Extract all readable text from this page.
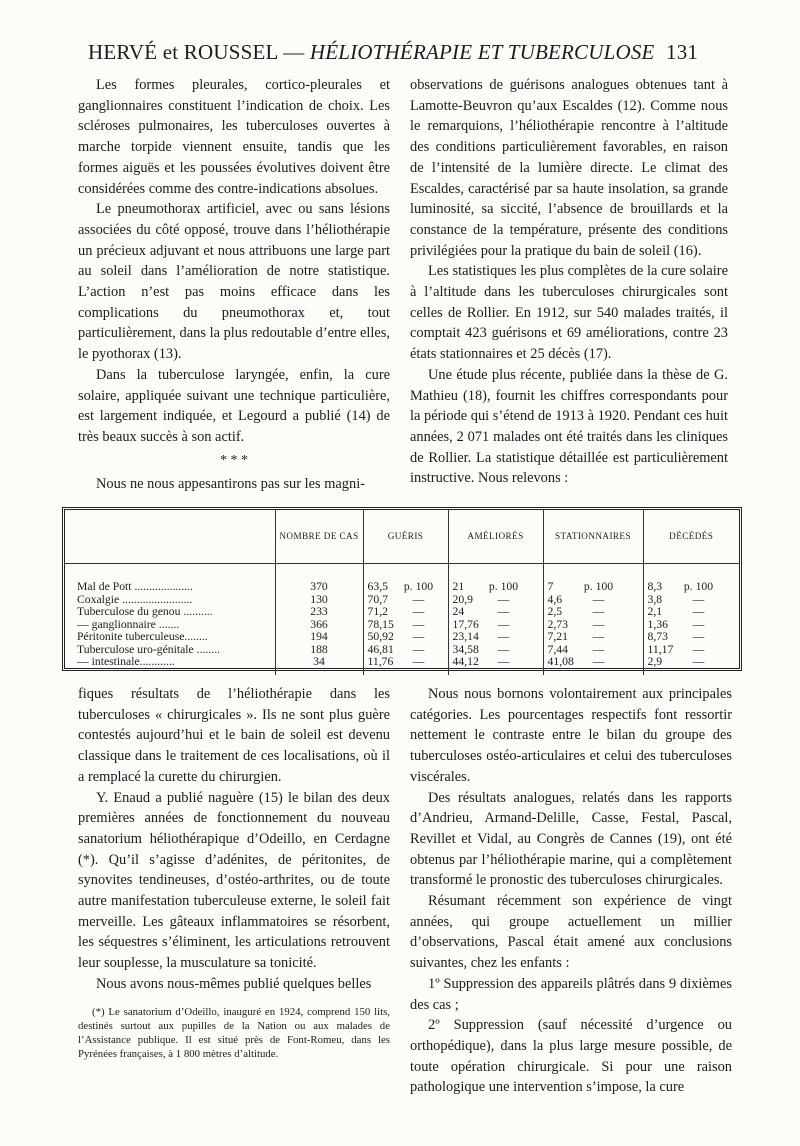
HERVÉ et ROUSSEL — HÉLIOTHÉRAPIE ET TUBERCULOSE 131

Les formes pleurales, cortico-pleurales et ganglionnaires constituent l’indication de choix. Les scléroses pulmonaires, les tuberculoses ouvertes à marche torpide viennent ensuite, tandis que les formes aiguës et les poussées évolutives doivent être considérées comme des contre-indications absolues.

Le pneumothorax artificiel, avec ou sans lésions associées du côté opposé, trouve dans l’héliothérapie un précieux adjuvant et nous attribuons une large part au soleil dans l’amélioration de notre statistique. L’action n’est pas moins efficace dans les complications du pneumothorax et, tout particulièrement, dans la plus redoutable d’entre elles, le pyothorax (13).

Dans la tuberculose laryngée, enfin, la cure solaire, appliquée suivant une technique particulière, est largement indiquée, et Legourd a publié (14) de très beaux succès à son actif.

* * *

Nous ne nous appesantirons pas sur les magni-

observations de guérisons analogues obtenues tant à Lamotte-Beuvron qu’aux Escaldes (12). Comme nous le remarquions, l’héliothérapie rencontre à l’altitude des conditions particulièrement favorables, en raison de l’intensité de la lumière directe. Le climat des Escaldes, caractérisé par sa haute insolation, sa grande luminosité, sa siccité, l’absence de brouillards et la constance de la température, présente des conditions privilégiées pour la pratique du bain de soleil (16).

Les statistiques les plus complètes de la cure solaire à l’altitude dans les tuberculoses chirurgicales sont celles de Rollier. En 1912, sur 540 malades traités, il comptait 423 guérisons et 69 améliorations, contre 23 états stationnaires et 25 décès (17).

Une étude plus récente, publiée dans la thèse de G. Mathieu (18), fournit les chiffres correspondants pour la période qui s’étend de 1913 à 1920. Pendant ces huit années, 2 071 malades ont été traités dans les cliniques de Rollier. La statistique détaillée est particulièrement instructive. Nous relevons :

	NOMBRE DE CAS	GUÉRIS	AMÉLIORÉS	STATIONNAIRES	DÉCÉDÉS

Mal de Pott ....................	370	63,5 p. 100	21 p. 100	7 p. 100	8,3 p. 100
Coxalgie ........................	130	70,7 —	20,9 —	4,6 —	3,8 —
Tuberculose du genou ..........	233	71,2 —	24 —	2,5 —	2,1 —
— ganglionnaire .......	366	78,15 —	17,76 —	2,73 —	1,36 —
Péritonite tuberculeuse........	194	50,92 —	23,14 —	7,21 —	8,73 —
Tuberculose uro-génitale ........	188	46,81 —	34,58 —	7,44 —	11,17 —
— intestinale............	34	11,76 —	44,12 —	41,08 —	2,9 —

fiques résultats de l’héliothérapie dans les tuberculoses « chirurgicales ». Ils ne sont plus guère contestés aujourd’hui et le bain de soleil est devenu classique dans le traitement de ces localisations, où il a remplacé la curette du chirurgien.

Y. Enaud a publié naguère (15) le bilan des deux premières années de fonctionnement du nouveau sanatorium héliothérapique d’Odeillo, en Cerdagne (*). Qu’il s’agisse d’adénites, de péritonites, de synovites tendineuses, d’ostéo-arthrites, ou de toute autre manifestation tuberculeuse externe, le soleil fait merveille. Les gâteaux inflammatoires se résorbent, les séquestres s’éliminent, les articulations retrouvent leur souplesse, la musculature sa tonicité.

Nous avons nous-mêmes publié quelques belles

(*) Le sanatorium d’Odeillo, inauguré en 1924, comprend 150 lits, destinés surtout aux pupilles de la Nation ou aux malades de l’Assistance publique. Il est situé près de Font-Romeu, dans les Pyrénées françaises, à 1 800 mètres d’altitude.

Nous nous bornons volontairement aux principales catégories. Les pourcentages respectifs font ressortir nettement le contraste entre le bilan du groupe des tuberculoses ostéo-articulaires et celui des tuberculoses viscérales.

Des résultats analogues, relatés dans les rapports d’Andrieu, Armand-Delille, Casse, Festal, Pascal, Revillet et Vidal, au Congrès de Cannes (19), ont été obtenus par l’héliothérapie marine, qui a complètement transformé le pronostic des tuberculoses chirurgicales.

Résumant récemment son expérience de vingt années, qui groupe actuellement un millier d’observations, Pascal était amené aux conclusions suivantes, chez les enfants :

1º Suppression des appareils plâtrés dans 9 dixièmes des cas ;

2º Suppression (sauf nécessité d’urgence ou orthopédique), dans la plus large mesure possible, de toute opération chirurgicale. Si pour une raison pathologique une intervention s’impose, la cure
